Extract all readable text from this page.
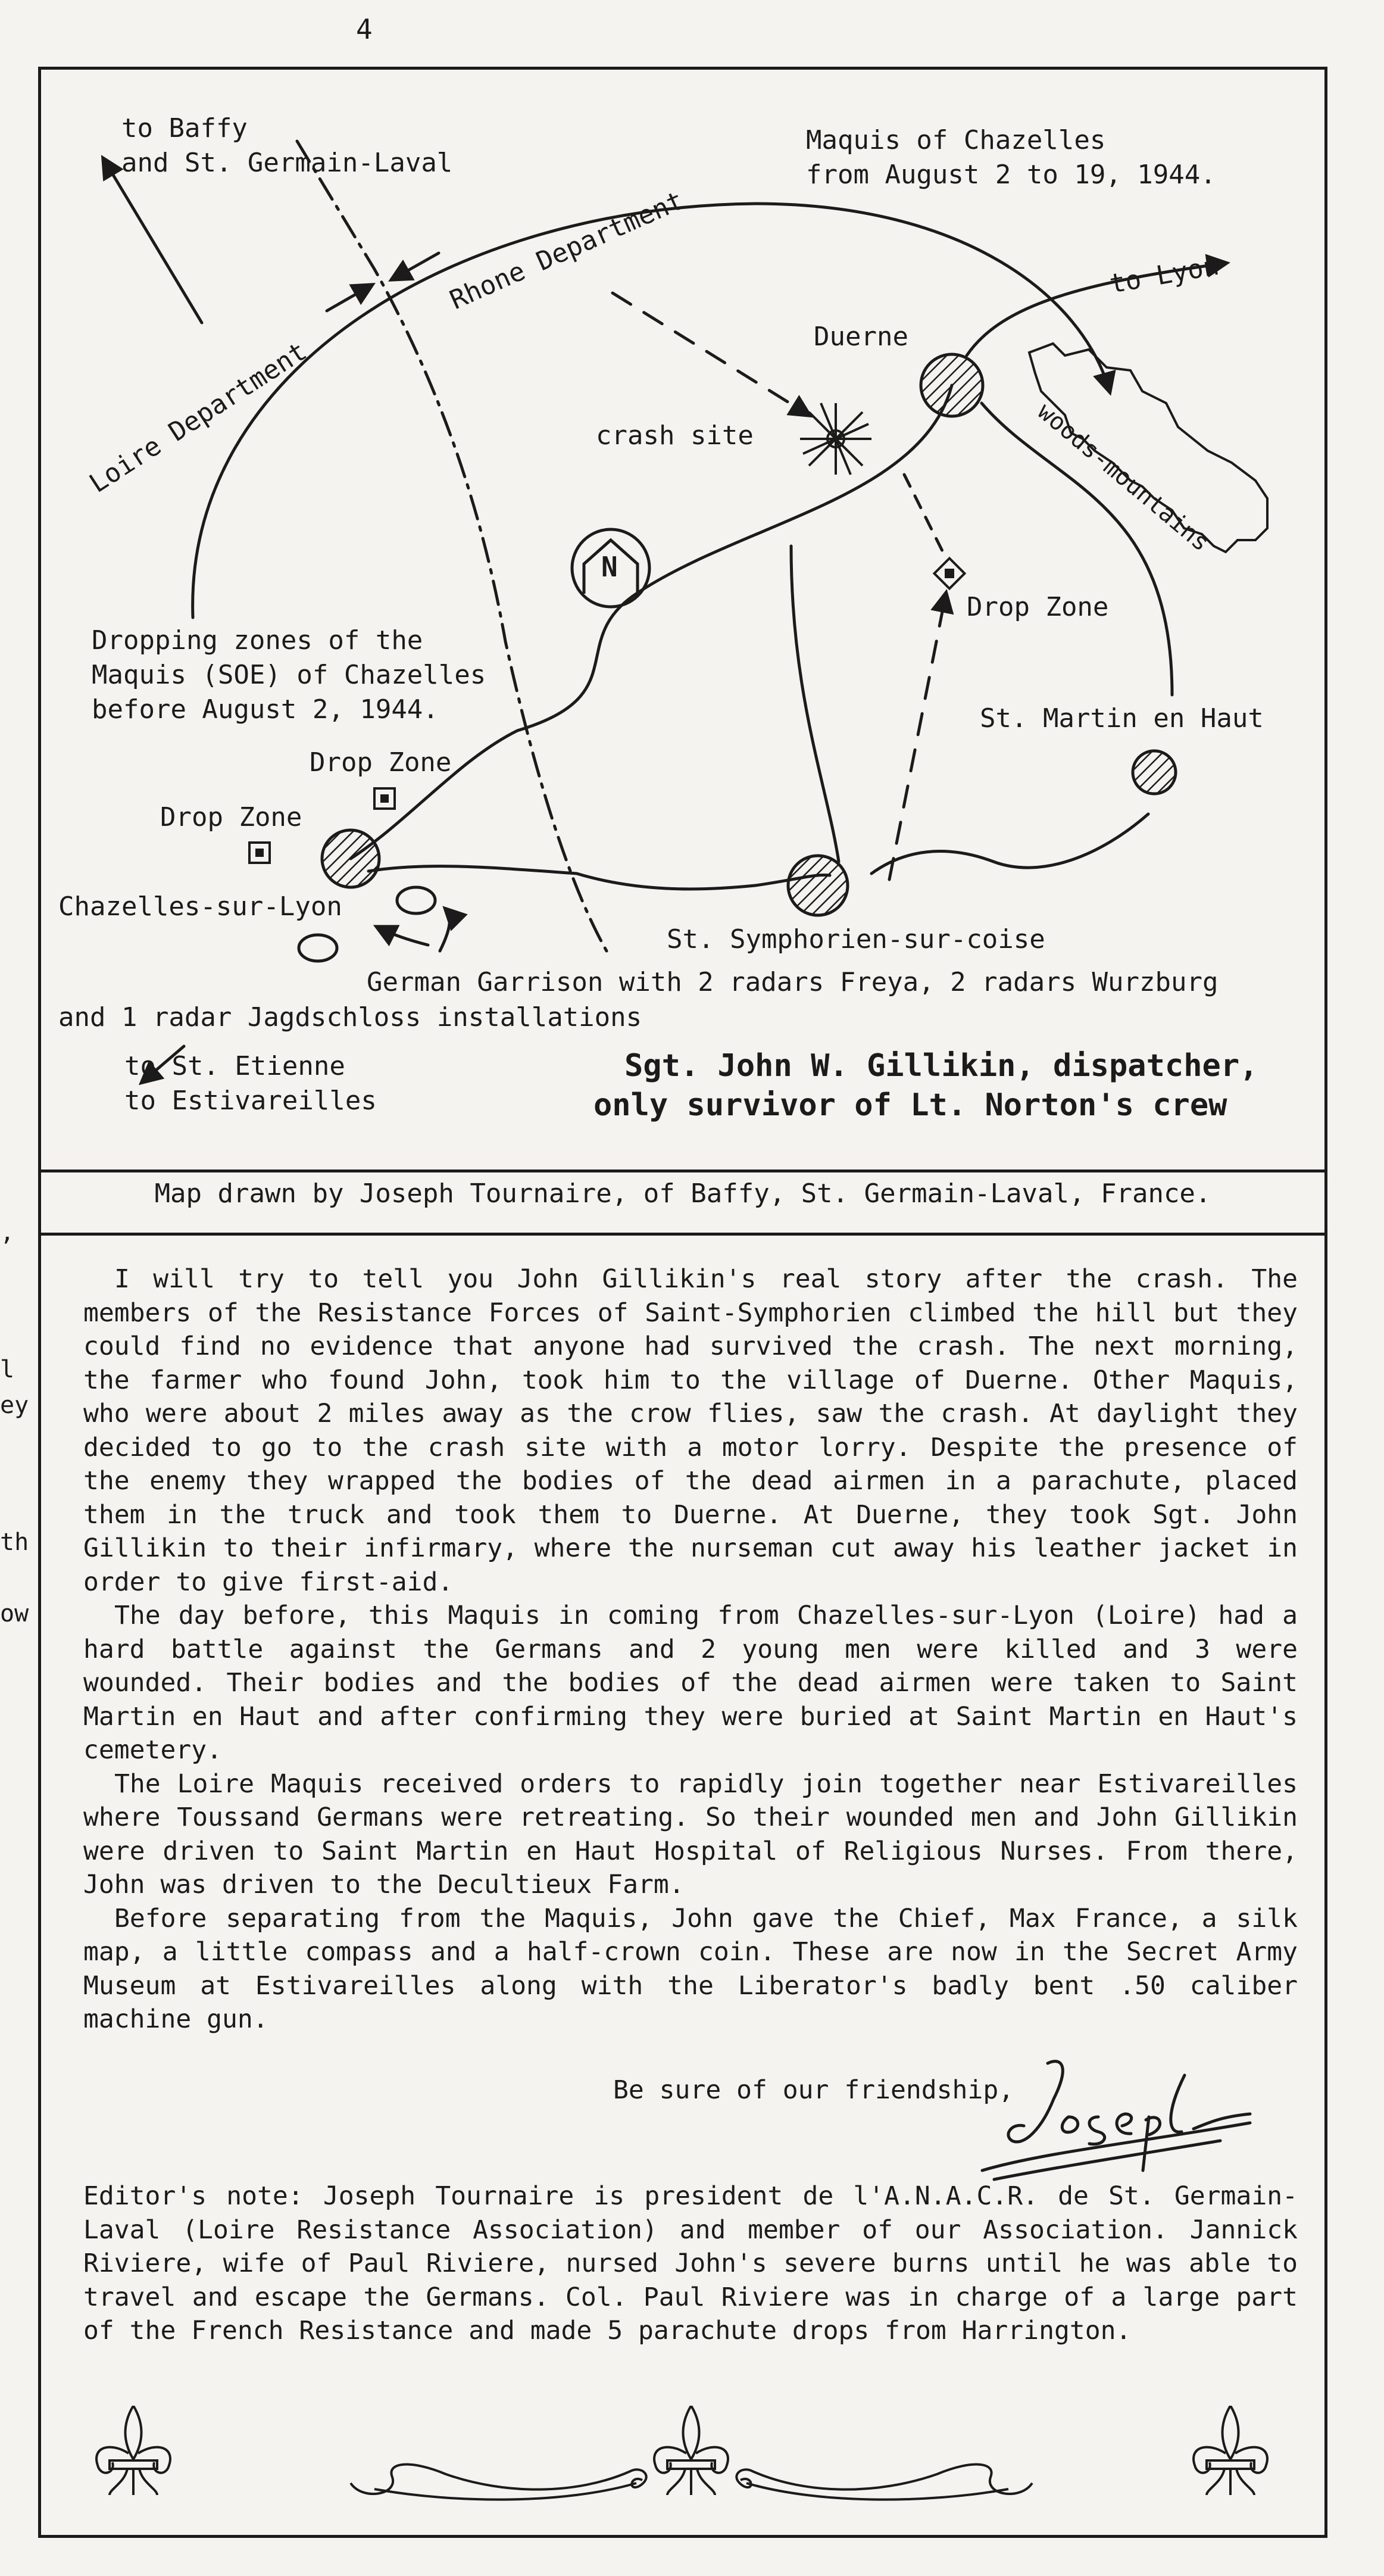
4
,
l
ey
th
ow
to Baffy
and St. Germain-Laval
Rhone Department
Loire Department
Maquis of Chazelles
from August 2 to 19, 1944.
to Lyon
Duerne
woods-mountains
crash site
N
Drop Zone
Dropping zones of the
Maquis (SOE) of Chazelles
before August 2, 1944.	St. Martin en Haut
Drop Zone
Drop Zone
Chazelles-sur-Lyon
St. Symphorien-sur-coise
German Garrison with 2 radars Freya, 2 radars Wurzburg
and 1 radar Jagdschloss installations
to St. Etienne
to Estivareilles
Sgt. John W. Gillikin, dispatcher,
only survivor of Lt. Norton's crew
Map drawn by Joseph Tournaire, of Baffy, St. Germain-Laval, France.

I will try to tell you John Gillikin's real story after the crash. The members of the Resistance Forces of Saint-Symphorien climbed the hill but they could find no evidence that anyone had survived the crash. The next morning, the farmer who found John, took him to the village of Duerne. Other Maquis, who were about 2 miles away as the crow flies, saw the crash. At daylight they decided to go to the crash site with a motor lorry. Despite the presence of the enemy they wrapped the bodies of the dead airmen in a parachute, placed them in the truck and took them to Duerne. At Duerne, they took Sgt. John Gillikin to their infirmary, where the nurseman cut away his leather jacket in order to give first-aid.

The day before, this Maquis in coming from Chazelles-sur-Lyon (Loire) had a hard battle against the Germans and 2 young men were killed and 3 were wounded. Their bodies and the bodies of the dead airmen were taken to Saint Martin en Haut and after confirming they were buried at Saint Martin en Haut's cemetery.

The Loire Maquis received orders to rapidly join together near Estivareilles where Toussand Germans were retreating. So their wounded men and John Gillikin were driven to Saint Martin en Haut Hospital of Religious Nurses. From there, John was driven to the Decultieux Farm.

Before separating from the Maquis, John gave the Chief, Max France, a silk map, a little compass and a half-crown coin. These are now in the Secret Army Museum at Estivareilles along with the Liberator's badly bent .50 caliber machine gun.

Be sure of our friendship,
Editor's note: Joseph Tournaire is president de l'A.N.A.C.R. de St. Germain-Laval (Loire Resistance Association) and member of our Association. Jannick Riviere, wife of Paul Riviere, nursed John's severe burns until he was able to travel and escape the Germans. Col. Paul Riviere was in charge of a large part of the French Resistance and made 5 parachute drops from Harrington.
